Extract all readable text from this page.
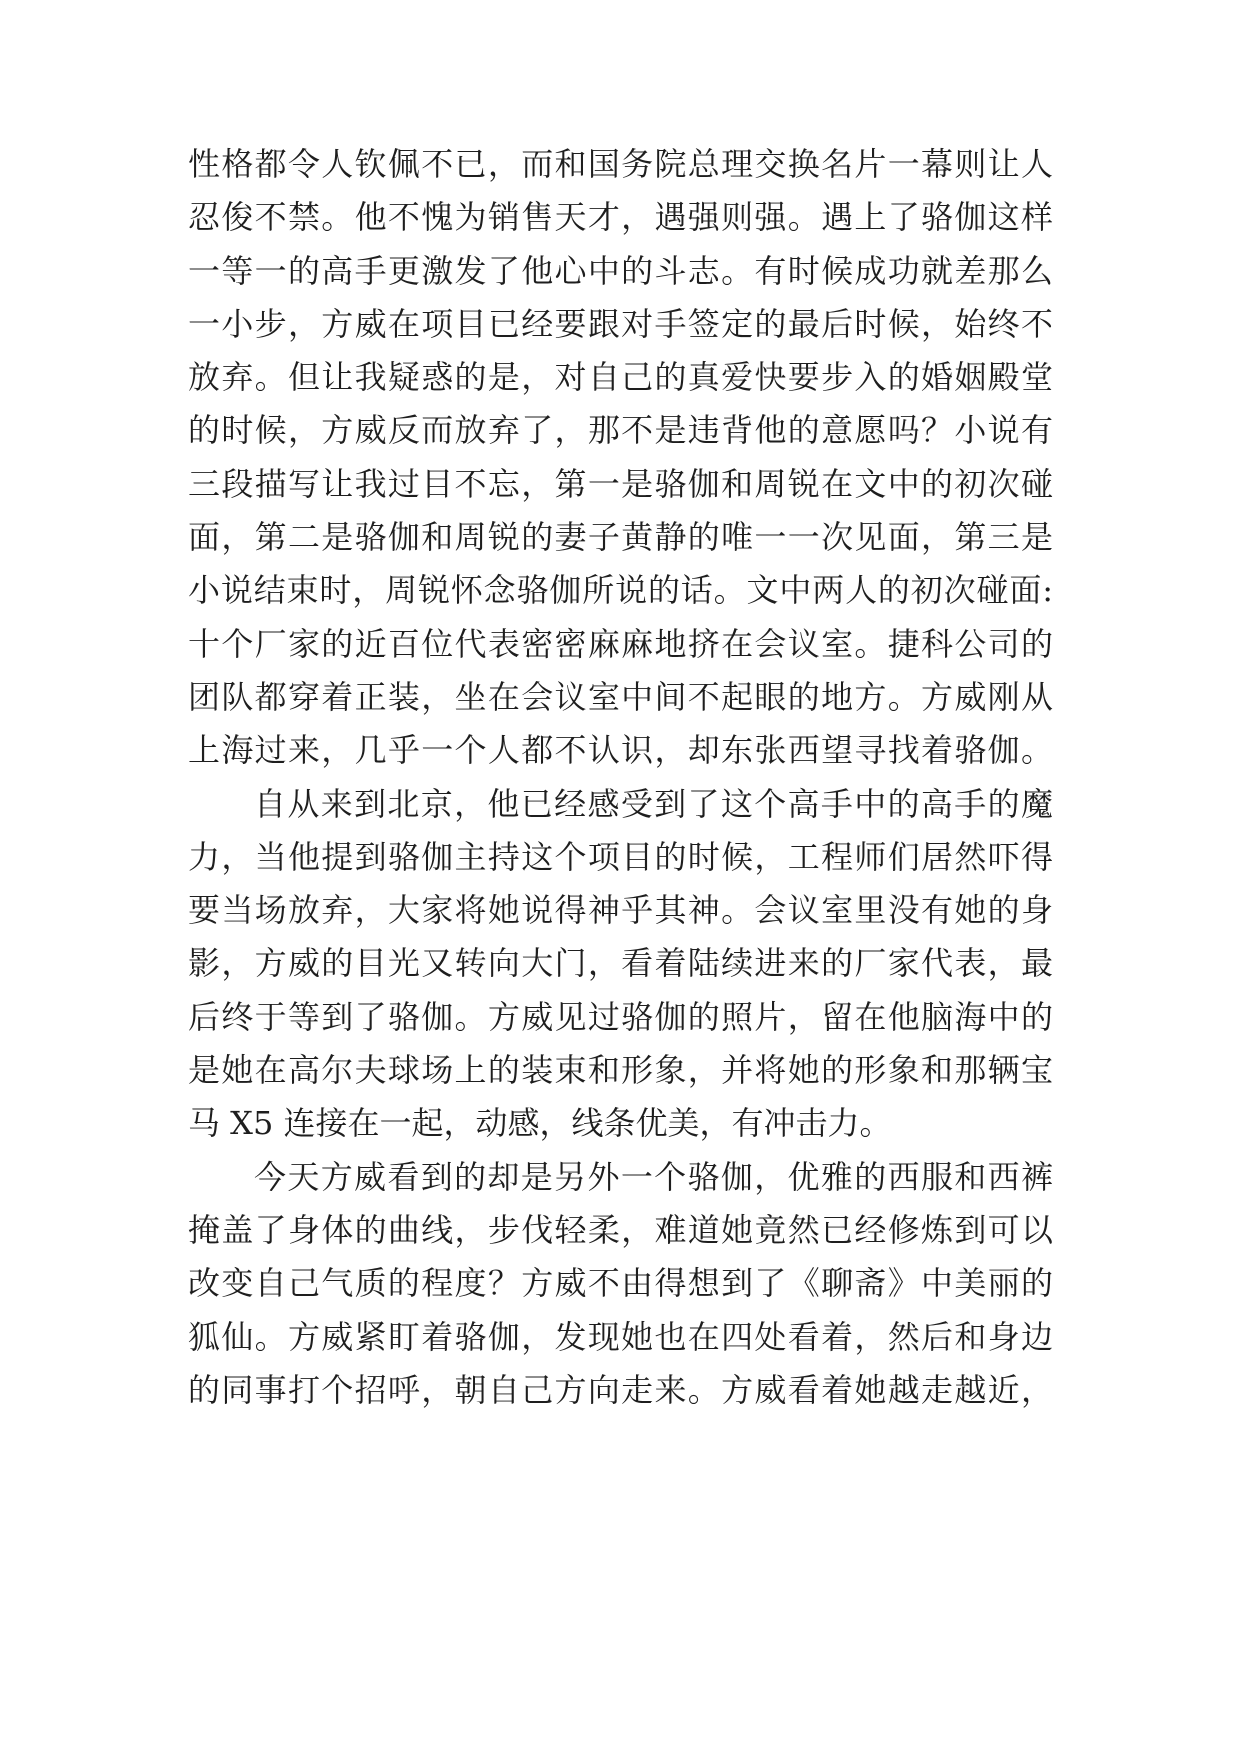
性格都令人钦佩不已，而和国务院总理交换名片一幕则让人
忍俊不禁。他不愧为销售天才，遇强则强。遇上了骆伽这样
一等一的高手更激发了他心中的斗志。有时候成功就差那么
一小步，方威在项目已经要跟对手签定的最后时候，始终不
放弃。但让我疑惑的是，对自己的真爱快要步入的婚姻殿堂
的时候，方威反而放弃了，那不是违背他的意愿吗？小说有
三段描写让我过目不忘，第一是骆伽和周锐在文中的初次碰
面，第二是骆伽和周锐的妻子黄静的唯一一次见面，第三是
小说结束时，周锐怀念骆伽所说的话。文中两人的初次碰面:
十个厂家的近百位代表密密麻麻地挤在会议室。捷科公司的
团队都穿着正装，坐在会议室中间不起眼的地方。方威刚从
上海过来，几乎一个人都不认识，却东张西望寻找着骆伽。
自从来到北京，他已经感受到了这个高手中的高手的魔
力，当他提到骆伽主持这个项目的时候，工程师们居然吓得
要当场放弃，大家将她说得神乎其神。会议室里没有她的身
影，方威的目光又转向大门，看着陆续进来的厂家代表，最
后终于等到了骆伽。方威见过骆伽的照片，留在他脑海中的
是她在高尔夫球场上的装束和形象，并将她的形象和那辆宝
马 X5 连接在一起，动感，线条优美，有冲击力。
今天方威看到的却是另外一个骆伽，优雅的西服和西裤
掩盖了身体的曲线，步伐轻柔，难道她竟然已经修炼到可以
改变自己气质的程度？方威不由得想到了《聊斋》中美丽的
狐仙。方威紧盯着骆伽，发现她也在四处看着，然后和身边
的同事打个招呼，朝自己方向走来。方威看着她越走越近，
